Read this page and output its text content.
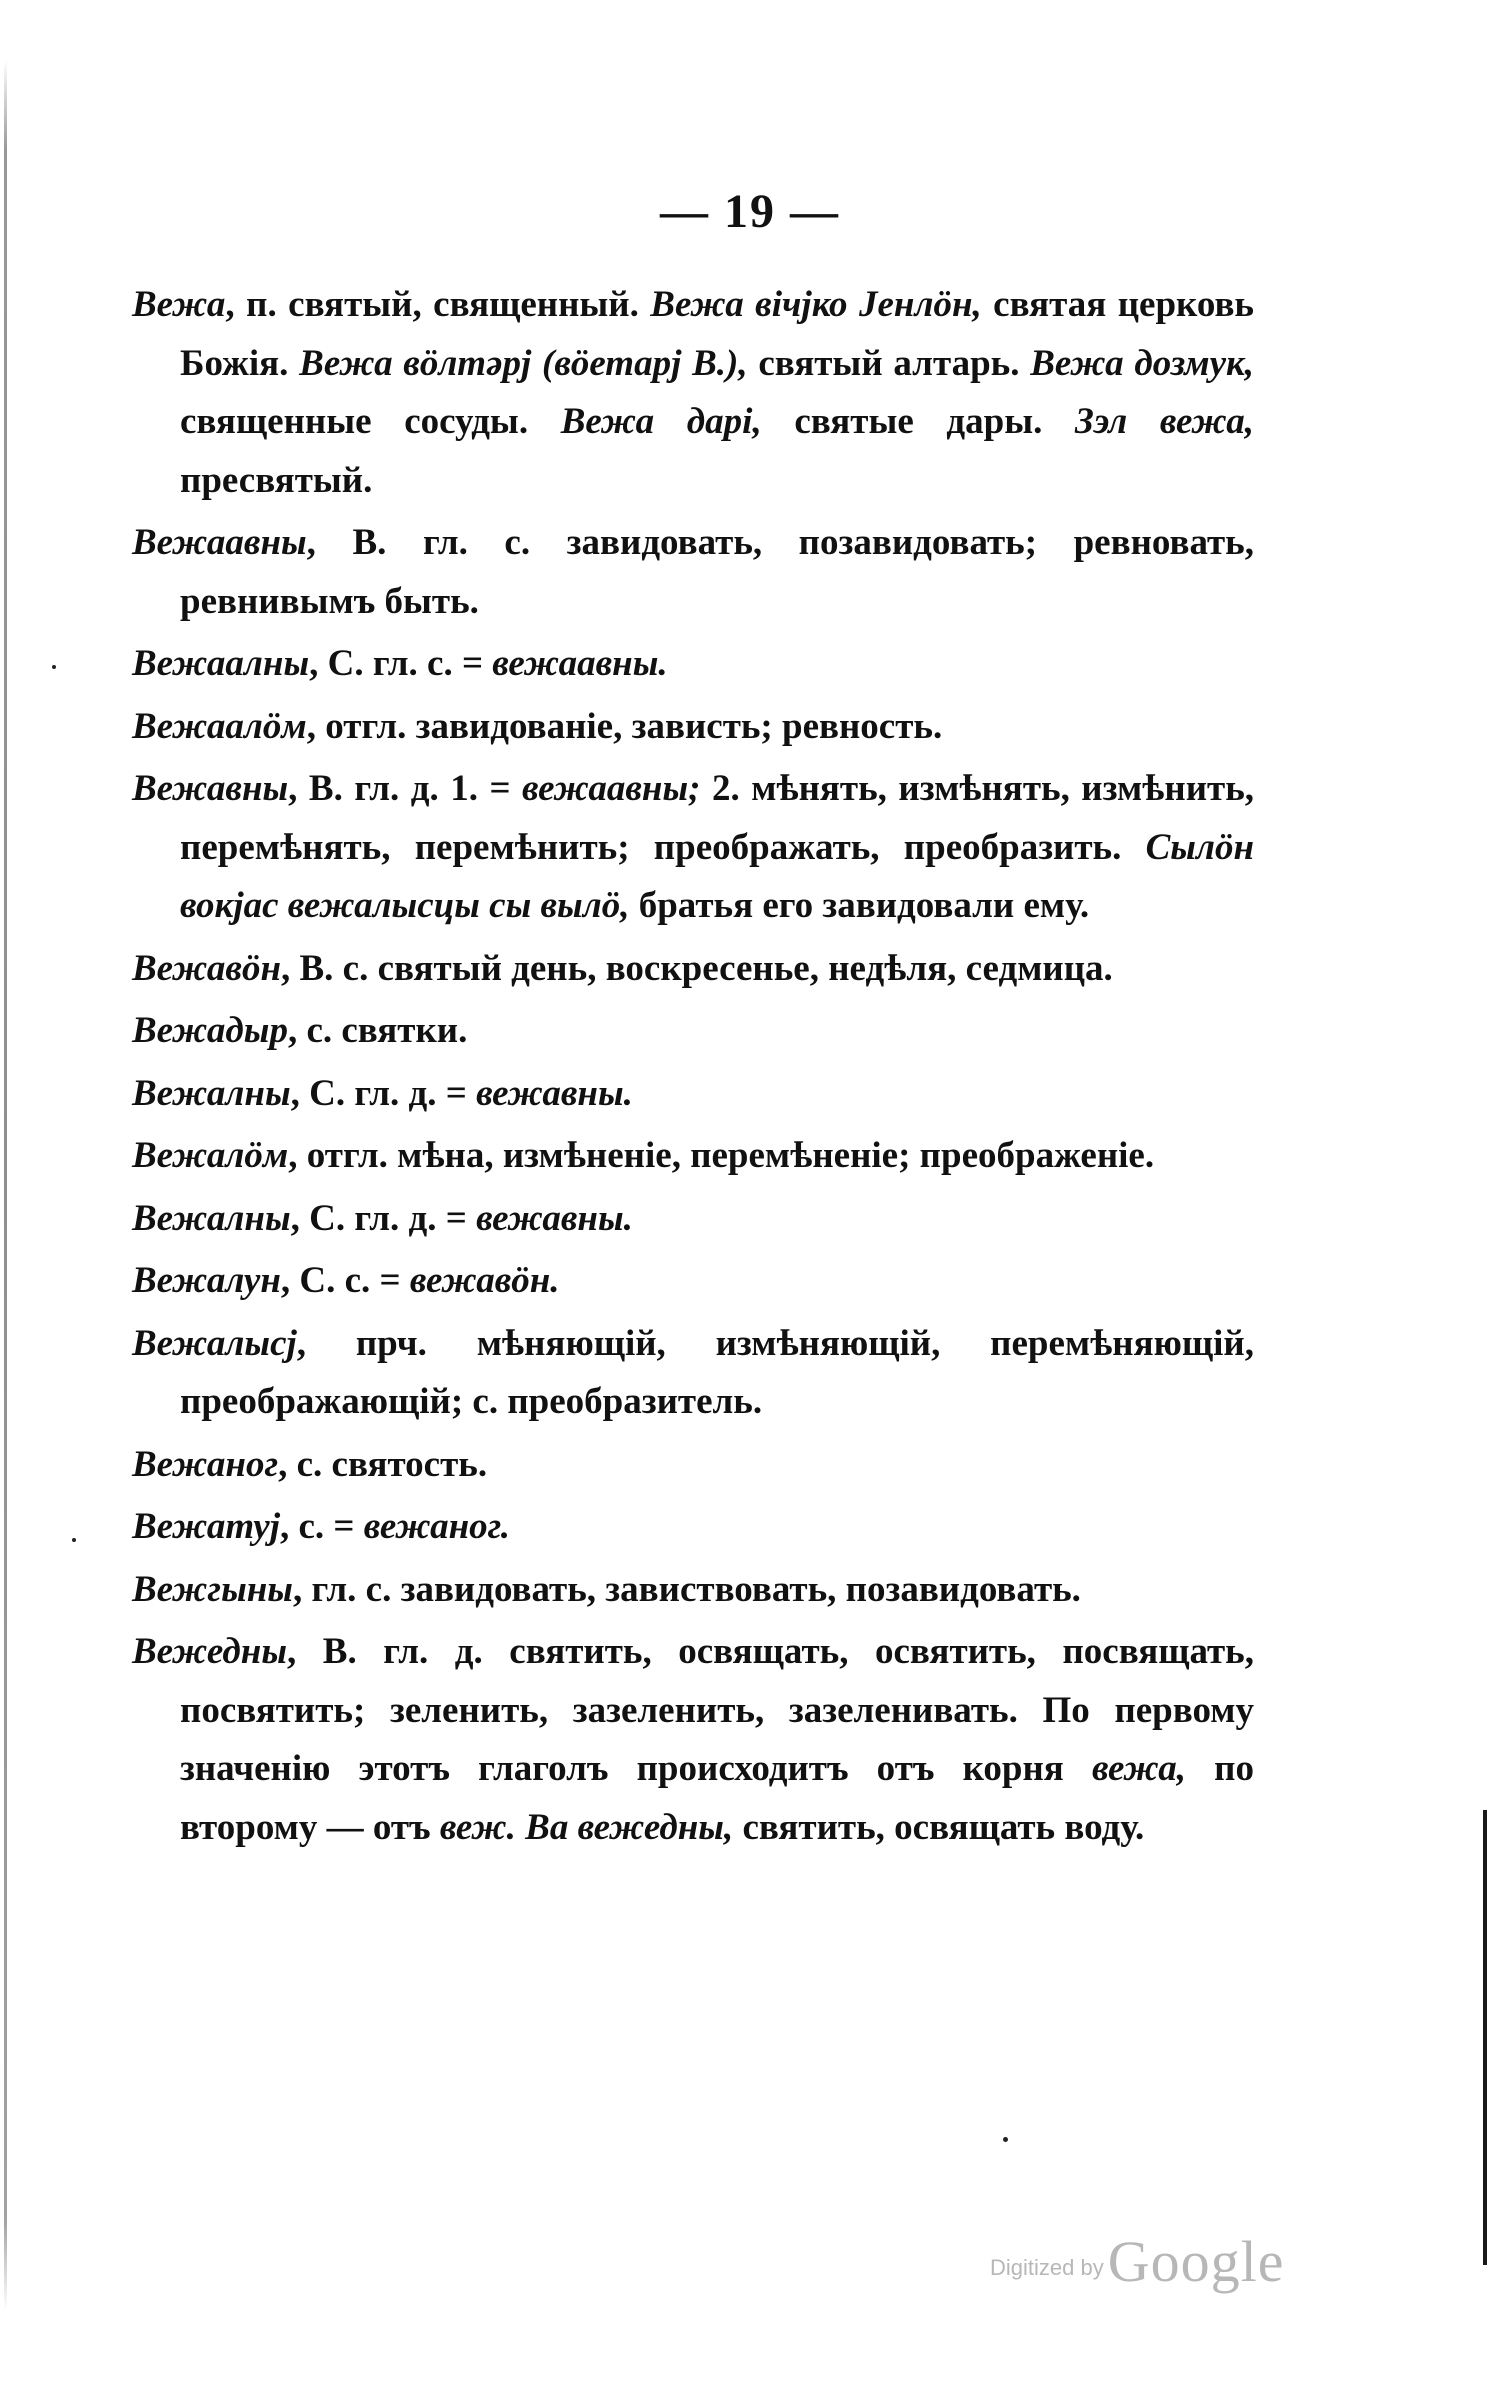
— 19 —

Вежа, п. святый, священный. Вежа вічјко Јенлӧн, святая церковь Божія. Вежа вӧлтәрј (вӧетарј В.), святый алтарь. Вежа дозмук, священные сосуды. Вежа дарі, святые дары. Зэл вежа, пресвятый.

Вежаавны, В. гл. с. завидовать, позавидовать; ревновать, ревнивымъ быть.

Вежаалны, С. гл. с. = вежаавны.

Вежаалӧм, отгл. завидованіе, зависть; ревность.

Вежавны, В. гл. д. 1. = вежаавны; 2. мѣнять, измѣнять, измѣнить, перемѣнять, перемѣнить; преображать, преобразить. Сылӧн вокјас вежалысцы сы вылӧ, братья его завидовали ему.

Вежавӧн, В. с. святый день, воскресенье, недѣля, седмица.

Вежадыр, с. святки.

Вежалны, С. гл. д. = вежавны.

Вежалӧм, отгл. мѣна, измѣненіе, перемѣненіе; преображеніе.

Вежалны, С. гл. д. = вежавны.

Вежалун, С. с. = вежавӧн.

Вежалысј, прч. мѣняющій, измѣняющій, перемѣняющій, преображающій; с. преобразитель.

Вежаног, с. святость.

Вежатуј, с. = вежаног.

Вежгыны, гл. с. завидовать, завиствовать, позавидовать.

Вежедны, В. гл. д. святить, освящать, освятить, посвящать, посвятить; зеленить, зазеленить, зазеленивать. По первому значенію этотъ глаголъ происходитъ отъ корня вежа, по второму — отъ веж. Ва вежедны, святить, освящать воду.

Digitized by Google
